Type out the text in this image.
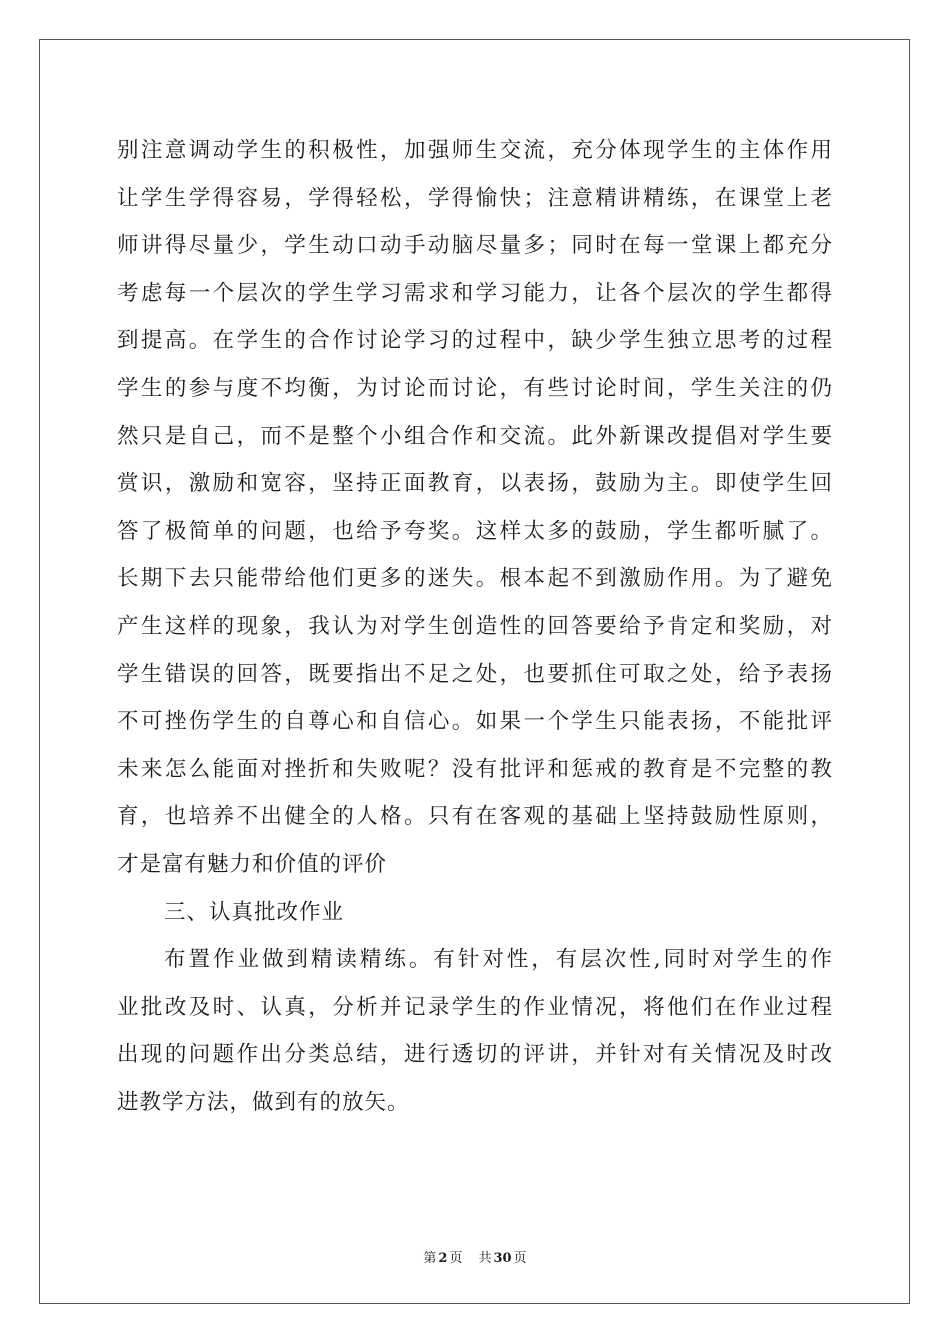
别注意调动学生的积极性，加强师生交流，充分体现学生的主体作用
让学生学得容易，学得轻松，学得愉快；注意精讲精练，在课堂上老
师讲得尽量少，学生动口动手动脑尽量多；同时在每一堂课上都充分
考虑每一个层次的学生学习需求和学习能力，让各个层次的学生都得
到提高。在学生的合作讨论学习的过程中，缺少学生独立思考的过程
学生的参与度不均衡，为讨论而讨论，有些讨论时间，学生关注的仍
然只是自己，而不是整个小组合作和交流。此外新课改提倡对学生要
赏识，激励和宽容，坚持正面教育，以表扬，鼓励为主。即使学生回
答了极简单的问题，也给予夸奖。这样太多的鼓励，学生都听腻了。
长期下去只能带给他们更多的迷失。根本起不到激励作用。为了避免
产生这样的现象，我认为对学生创造性的回答要给予肯定和奖励，对
学生错误的回答，既要指出不足之处，也要抓住可取之处，给予表扬
不可挫伤学生的自尊心和自信心。如果一个学生只能表扬，不能批评
未来怎么能面对挫折和失败呢？没有批评和惩戒的教育是不完整的教
育，也培养不出健全的人格。只有在客观的基础上坚持鼓励性原则，
才是富有魅力和价值的评价
三、认真批改作业
布置作业做到精读精练。有针对性，有层次性,同时对学生的作
业批改及时、认真，分析并记录学生的作业情况，将他们在作业过程
出现的问题作出分类总结，进行透切的评讲，并针对有关情况及时改
进教学方法，做到有的放矢。
第 2 页 共 30 页
